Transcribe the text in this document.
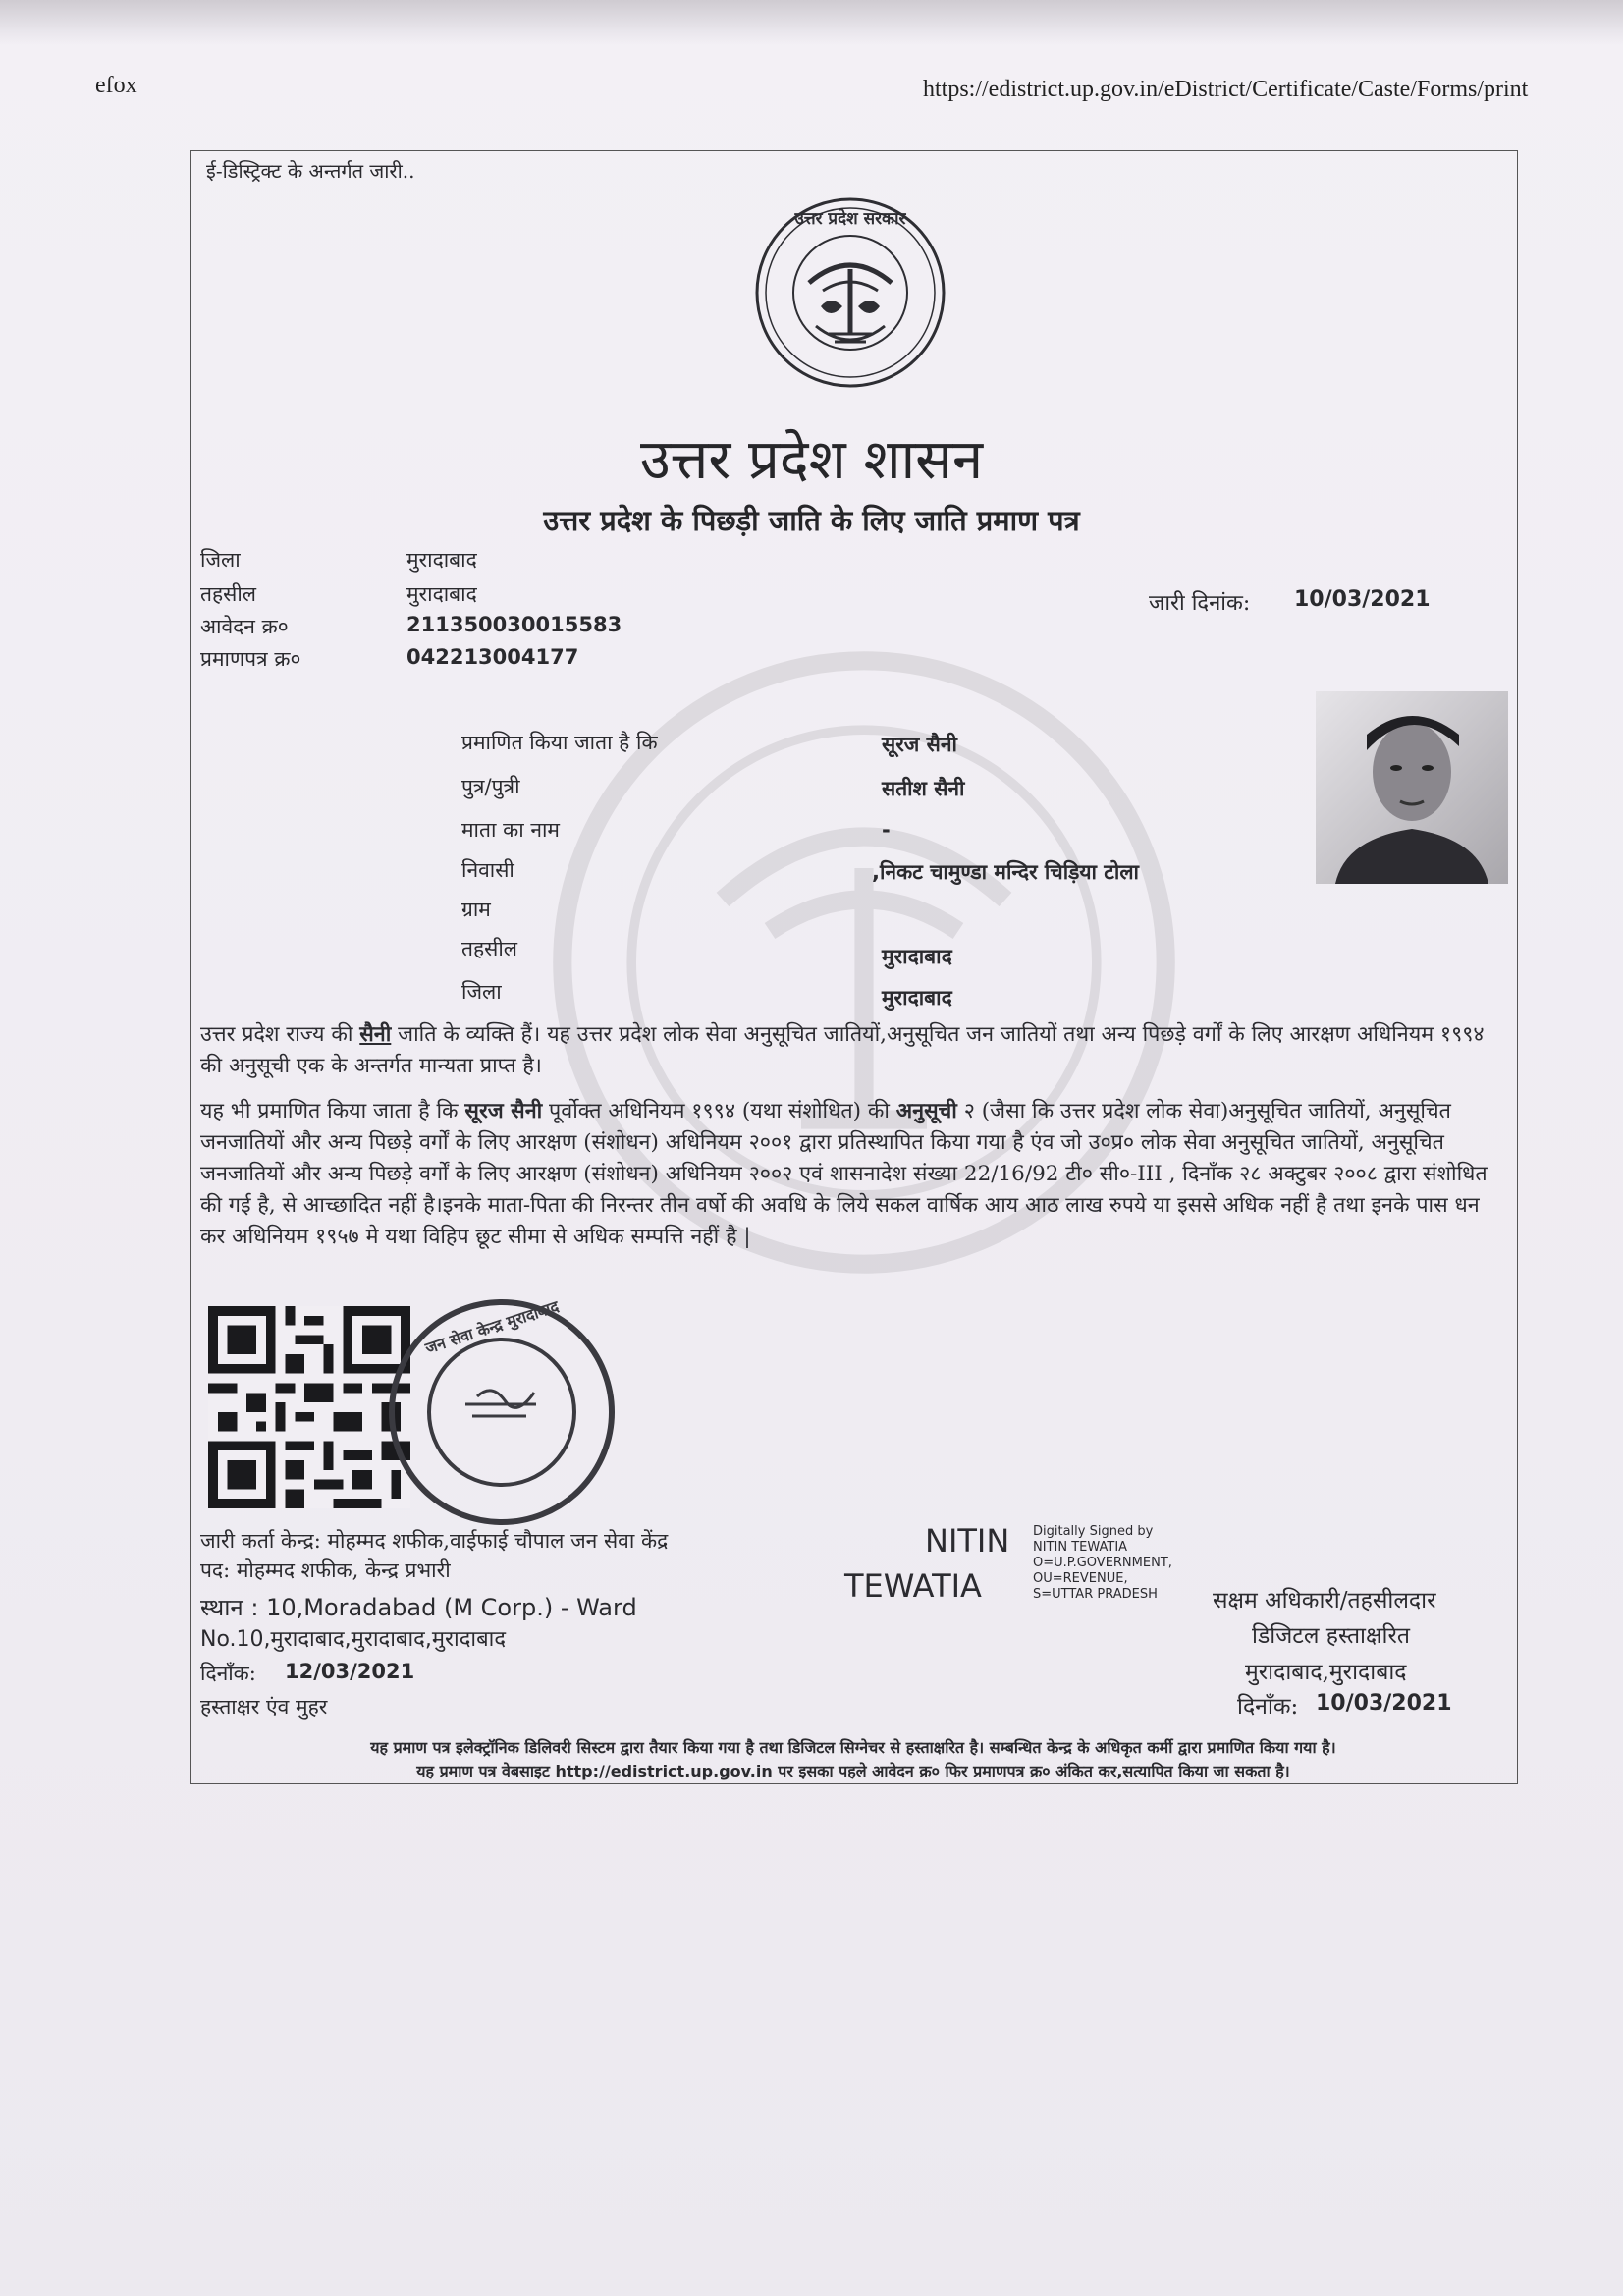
efox	https://edistrict.up.gov.in/eDistrict/Certificate/Caste/Forms/print
ई-डिस्ट्रिक्ट के अन्तर्गत जारी..
उत्तर प्रदेश सरकार
उत्तर प्रदेश शासन
उत्तर प्रदेश के पिछड़ी जाति के लिए जाति प्रमाण पत्र
जिला	मुरादाबाद
तहसील	मुरादाबाद
आवेदन क्र०	211350030015583
प्रमाणपत्र क्र०	042213004177
जारी दिनांक: 10/03/2021
प्रमाणित किया जाता है कि	सूरज सैनी
पुत्र/पुत्री	सतीश सैनी
माता का नाम	-
निवासी	,निकट चामुण्डा मन्दिर चिड़िया टोला
ग्राम
तहसील	मुरादाबाद
जिला	मुरादाबाद
उत्तर प्रदेश राज्य की सैनी जाति के व्यक्ति हैं। यह उत्तर प्रदेश लोक सेवा अनुसूचित जातियों,अनुसूचित जन जातियों तथा अन्य पिछड़े वर्गों के लिए आरक्षण अधिनियम १९९४ की अनुसूची एक के अन्तर्गत मान्यता प्राप्त है।
यह भी प्रमाणित किया जाता है कि सूरज सैनी पूर्वोक्त अधिनियम १९९४ (यथा संशोधित) की अनुसूची २ (जैसा कि उत्तर प्रदेश लोक सेवा)अनुसूचित जातियों, अनुसूचित जनजातियों और अन्य पिछड़े वर्गों के लिए आरक्षण (संशोधन) अधिनियम २००१ द्वारा प्रतिस्थापित किया गया है एंव जो उ०प्र० लोक सेवा अनुसूचित जातियों, अनुसूचित जनजातियों और अन्य पिछड़े वर्गों के लिए आरक्षण (संशोधन) अधिनियम २००२ एवं शासनादेश संख्या 22/16/92 टी० सी०-III , दिनाँक २८ अक्टुबर २००८ द्वारा संशोधित की गई है, से आच्छादित नहीं है।इनके माता-पिता की निरन्तर तीन वर्षो की अवधि के लिये सकल वार्षिक आय आठ लाख रुपये या इससे अधिक नहीं है तथा इनके पास धन कर अधिनियम १९५७ मे यथा विहिप छूट सीमा से अधिक सम्पत्ति नहीं है |
जन सेवा केन्द्र मुरादाबाद
जारी कर्ता केन्द्र: मोहम्मद शफीक,वाईफाई चौपाल जन सेवा केंद्र
पद: मोहम्मद शफीक, केन्द्र प्रभारी
स्थान : 10,Moradabad (M Corp.) - Ward
No.10,मुरादाबाद,मुरादाबाद,मुरादाबाद
दिनाँक: 12/03/2021
हस्ताक्षर एंव मुहर
NITIN
TEWATIA
Digitally Signed by
NITIN TEWATIA
O=U.P.GOVERNMENT,
OU=REVENUE,
S=UTTAR PRADESH	सक्षम अधिकारी/तहसीलदार
डिजिटल हस्ताक्षरित
मुरादाबाद,मुरादाबाद
दिनाँक: 10/03/2021
यह प्रमाण पत्र इलेक्ट्रॉनिक डिलिवरी सिस्टम द्वारा तैयार किया गया है तथा डिजिटल सिग्नेचर से हस्ताक्षरित है। सम्बन्धित केन्द्र के अधिकृत कर्मी द्वारा प्रमाणित किया गया है।
यह प्रमाण पत्र वेबसाइट http://edistrict.up.gov.in पर इसका पहले आवेदन क्र० फिर प्रमाणपत्र क्र० अंकित कर,सत्यापित किया जा सकता है।
